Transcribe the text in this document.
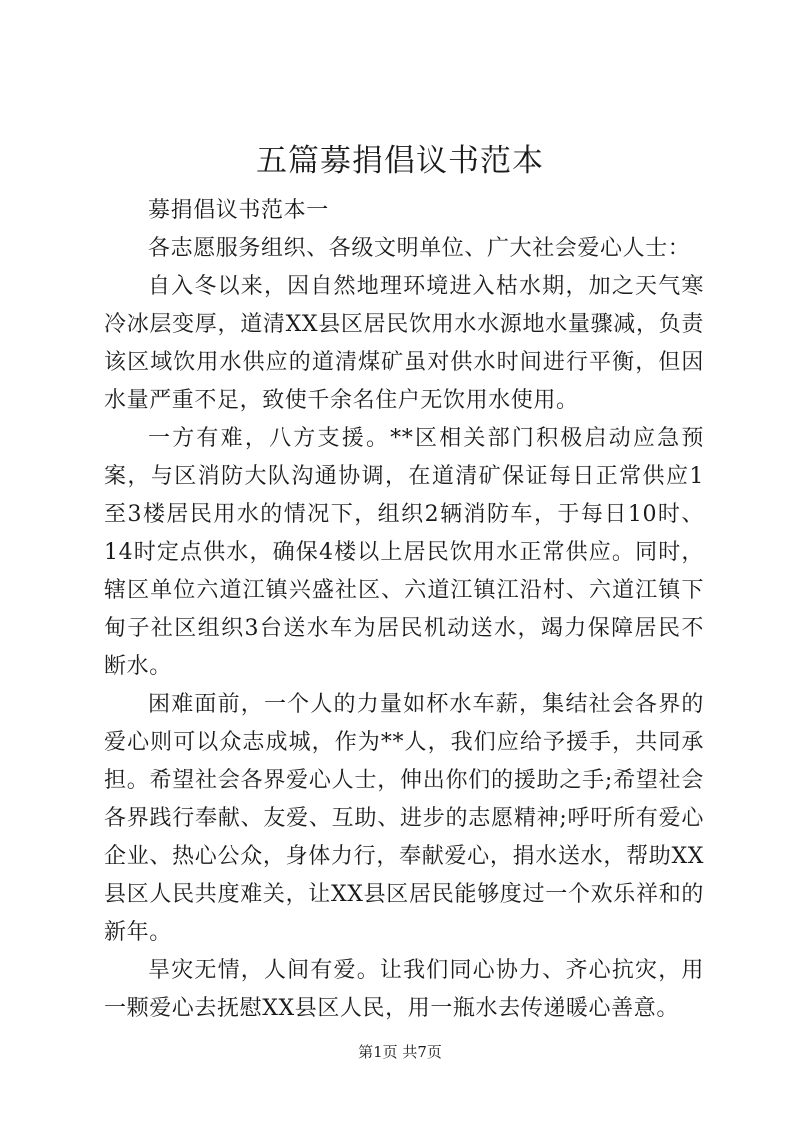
五篇募捐倡议书范本

募捐倡议书范本一

各志愿服务组织、各级文明单位、广大社会爱心人士：

自入冬以来，因自然地理环境进入枯水期，加之天气寒冷冰层变厚，道清XX县区居民饮用水水源地水量骤减，负责该区域饮用水供应的道清煤矿虽对供水时间进行平衡，但因水量严重不足，致使千余名住户无饮用水使用。

一方有难，八方支援。**区相关部门积极启动应急预案，与区消防大队沟通协调，在道清矿保证每日正常供应1至3楼居民用水的情况下，组织2辆消防车，于每日10时、14时定点供水，确保4楼以上居民饮用水正常供应。同时，辖区单位六道江镇兴盛社区、六道江镇江沿村、六道江镇下甸子社区组织3台送水车为居民机动送水，竭力保障居民不断水。

困难面前，一个人的力量如杯水车薪，集结社会各界的爱心则可以众志成城，作为**人，我们应给予援手，共同承担。希望社会各界爱心人士，伸出你们的援助之手;希望社会各界践行奉献、友爱、互助、进步的志愿精神;呼吁所有爱心企业、热心公众，身体力行，奉献爱心，捐水送水，帮助XX县区人民共度难关，让XX县区居民能够度过一个欢乐祥和的新年。

旱灾无情，人间有爱。让我们同心协力、齐心抗灾，用一颗爱心去抚慰XX县区人民，用一瓶水去传递暖心善意。

第1页 共7页
